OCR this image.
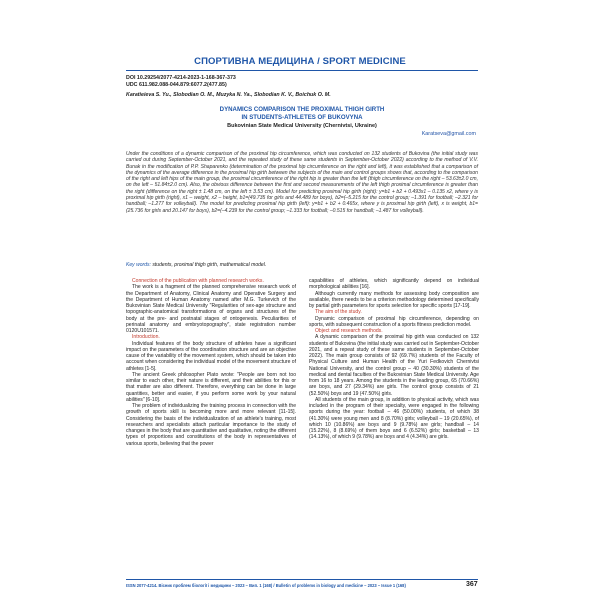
СПОРТИВНА МЕДИЦИНА / SPORT MEDICINE
DOI 10.29254/2077-4214-2023-1-168-367-373
UDC 611.982.088-044.879:6077.2(477.85)
Karatieieva S. Yu., Slobodian O. M., Muzyka N. Ya., Slobodian K. V., Boichuk O. M.
DYNAMICS COMPARISON THE PROXIMAL THIGH GIRTH
IN STUDENTS-ATHLETES OF BUKOVYNA
Bukovinian State Medical University (Chernivtsi, Ukraine)
Karatseva@gmail.com
Under the conditions of a dynamic comparison of the proximal hip circumference, which was conducted on 132 students of Bukovina (the initial study was carried out during September-October 2021, and the repeated study of these same students in September-October 2022) according to the method of V.V. Bunak in the modification of P.P. Shaparenko (determination of the proximal hip circumference on the right and left), it was established that a comparison of the dynamics of the average difference in the proximal hip girth between the subjects of the main and control groups shows that, according to the comparison of the right and left hips of the main group, the proximal circumference of the right hip is greater than the left (thigh circumference on the right – 53.63±2.0 cm, on the left – 51.84±2.0 cm). Also, the obvious difference between the first and second measurements of the left thigh proximal circumference is greater than the right (difference on the right ± 1.48 cm, on the left ± 3.53 cm). Model for predicting proximal hip girth (right): y=b1 + b2 + 0.493x1 – 0.135 x2, where y is proximal hip girth (right), x1 – weight, x2 – height, b1=(49.735 for girls and 44.489 for boys), b2=(–5.215 for the control group; –1.391 for football; –2.321 for handball; –1.277 for volleyball). The model for predicting proximal hip girth (left): y=b1 + b2 + 0.465x, where y is proximal hip girth (left), x is weight, b1=(25.736 for girls and 20.147 for boys), b2=(–4.239 for the control group; –1.333 for football; –0.515 for handball; –1.487 for volleyball).
Key words: students, proximal thigh girth, mathematical model.
Connection of the publication with planned research works.

The work is a fragment of the planned comprehensive research work of the Department of Anatomy, Clinical Anatomy and Operative Surgery and the Department of Human Anatomy named after M.G. Turkevich of the Bukovinian State Medical University "Regularities of sex-age structure and topographic-anatomical transformations of organs and structures of the body at the pre- and postnatal stages of ontogenesis. Peculiarities of perinatal anatomy and embryotopography", state registration number 0120U101571.

Introduction.

Individual features of the body structure of athletes have a significant impact on the parameters of the coordination structure and are an objective cause of the variability of the movement system, which should be taken into account when considering the individual model of the movement structure of athletes [1-5].

The ancient Greek philosopher Plato wrote: "People are born not too similar to each other, their nature is different, and their abilities for this or that matter are also different. Therefore, everything can be done in large quantities, better and easier, if you perform some work by your natural abilities" [6-10].

The problem of individualizing the training process in connection with the growth of sports skill is becoming more and more relevant [11-15]. Considering the basis of the individualization of an athlete's training, most researchers and specialists attach particular importance to the study of changes in the body that are quantitative and qualitative, noting the different types of proportions and constitutions of the body in representatives of various sports, believing that the power

capabilities of athletes, which significantly depend on individual morphological abilities [16].

Although currently many methods for assessing body composition are available, there needs to be a criterion methodology determined specifically by partial girth parameters for sports selection for specific sports [17-19].

The aim of the study.

Dynamic comparison of proximal hip circumference, depending on sports, with subsequent construction of a sports fitness prediction model.

Object and research methods.

A dynamic comparison of the proximal hip girth was conducted on 132 students of Bukovina (the initial study was carried out in September-October 2021, and a repeat study of these same students in September-October 2022). The main group consists of 92 (69.7%) students of the Faculty of Physical Culture and Human Health of the Yuri Fedkovich Chernivtsi National University, and the control group – 40 (30.30%) students of the medical and dental faculties of the Bukovinian State Medical University. Age from 16 to 18 years. Among the students in the leading group, 65 (70.66%) are boys, and 27 (29.34%) are girls. The control group consists of 21 (52.50%) boys and 19 (47.50%) girls.

All students of the main group, in addition to physical activity, which was included in the program of their specialty, were engaged in the following sports during the year: football – 46 (50.00%) students, of which 38 (41.30%) were young men and 8 (8.70%) girls; volleyball – 19 (20.65%), of which 10 (10.86%) are boys and 9 (9.78%) are girls; handball – 14 (15.22%), 8 (8.69%) of them boys and 6 (6.52%) girls; basketball – 13 (14.13%), of which 9 (9.78%) are boys and 4 (4.34%) are girls.

ISSN 2077-4214. Вісник проблем біології і медицини – 2023 – Вип. 1 (168) / Bulletin of problems in biology and medicine – 2023 – Issue 1 (168)	367
